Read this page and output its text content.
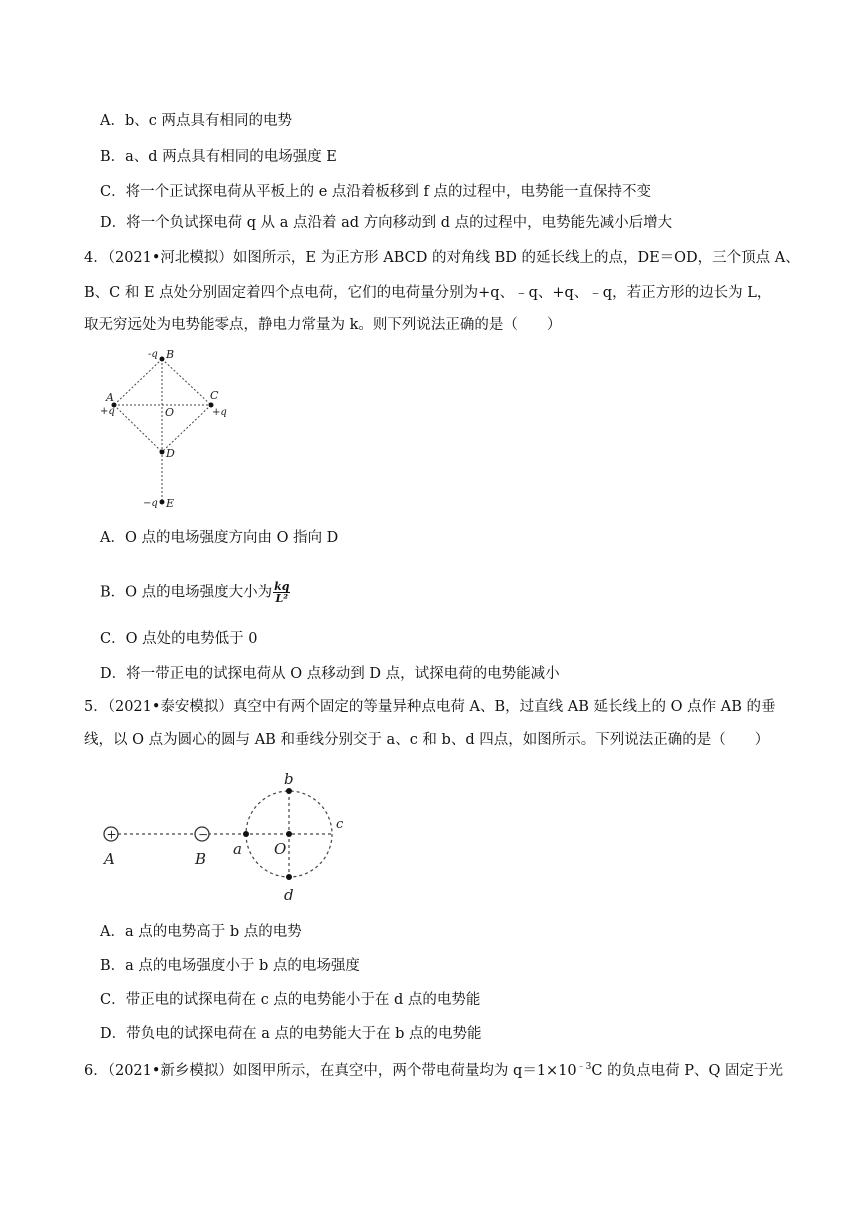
A．b、c 两点具有相同的电势
B．a、d 两点具有相同的电场强度 E
C．将一个正试探电荷从平板上的 e 点沿着板移到 f 点的过程中，电势能一直保持不变
D．将一个负试探电荷 q 从 a 点沿着 ad 方向移动到 d 点的过程中，电势能先减小后增大
4．（2021•河北模拟）如图所示，E 为正方形 ABCD 的对角线 BD 的延长线上的点，DE＝OD，三个顶点 A、
B、C 和 E 点处分别固定着四个点电荷，它们的电荷量分别为+q、﹣q、+q、﹣q，若正方形的边长为 L，
取无穷远处为电势能零点，静电力常量为 k。则下列说法正确的是（　　）
-q B
A
+q
C
+q
O
D
−q E
A．O 点的电场强度方向由 O 指向 D
B．O 点的电场强度大小为 $\frac{kq}{\text{L²}}$
C．O 点处的电势低于 0
D．将一带正电的试探电荷从 O 点移动到 D 点，试探电荷的电势能减小
5．（2021•泰安模拟）真空中有两个固定的等量异种点电荷 A、B，过直线 AB 延长线上的 O 点作 AB 的垂
线，以 O 点为圆心的圆与 AB 和垂线分别交于 a、c 和 b、d 四点，如图所示。下列说法正确的是（　　）
+	−
A	B
a
b
c
O
d
A．a 点的电势高于 b 点的电势
B．a 点的电场强度小于 b 点的电场强度
C．带正电的试探电荷在 c 点的电势能小于在 d 点的电势能
D．带负电的试探电荷在 a 点的电势能大于在 b 点的电势能
6．（2021•新乡模拟）如图甲所示，在真空中，两个带电荷量均为 $q=1\times 10^{﹣3}C$ 的负点电荷 P、Q 固定于光
